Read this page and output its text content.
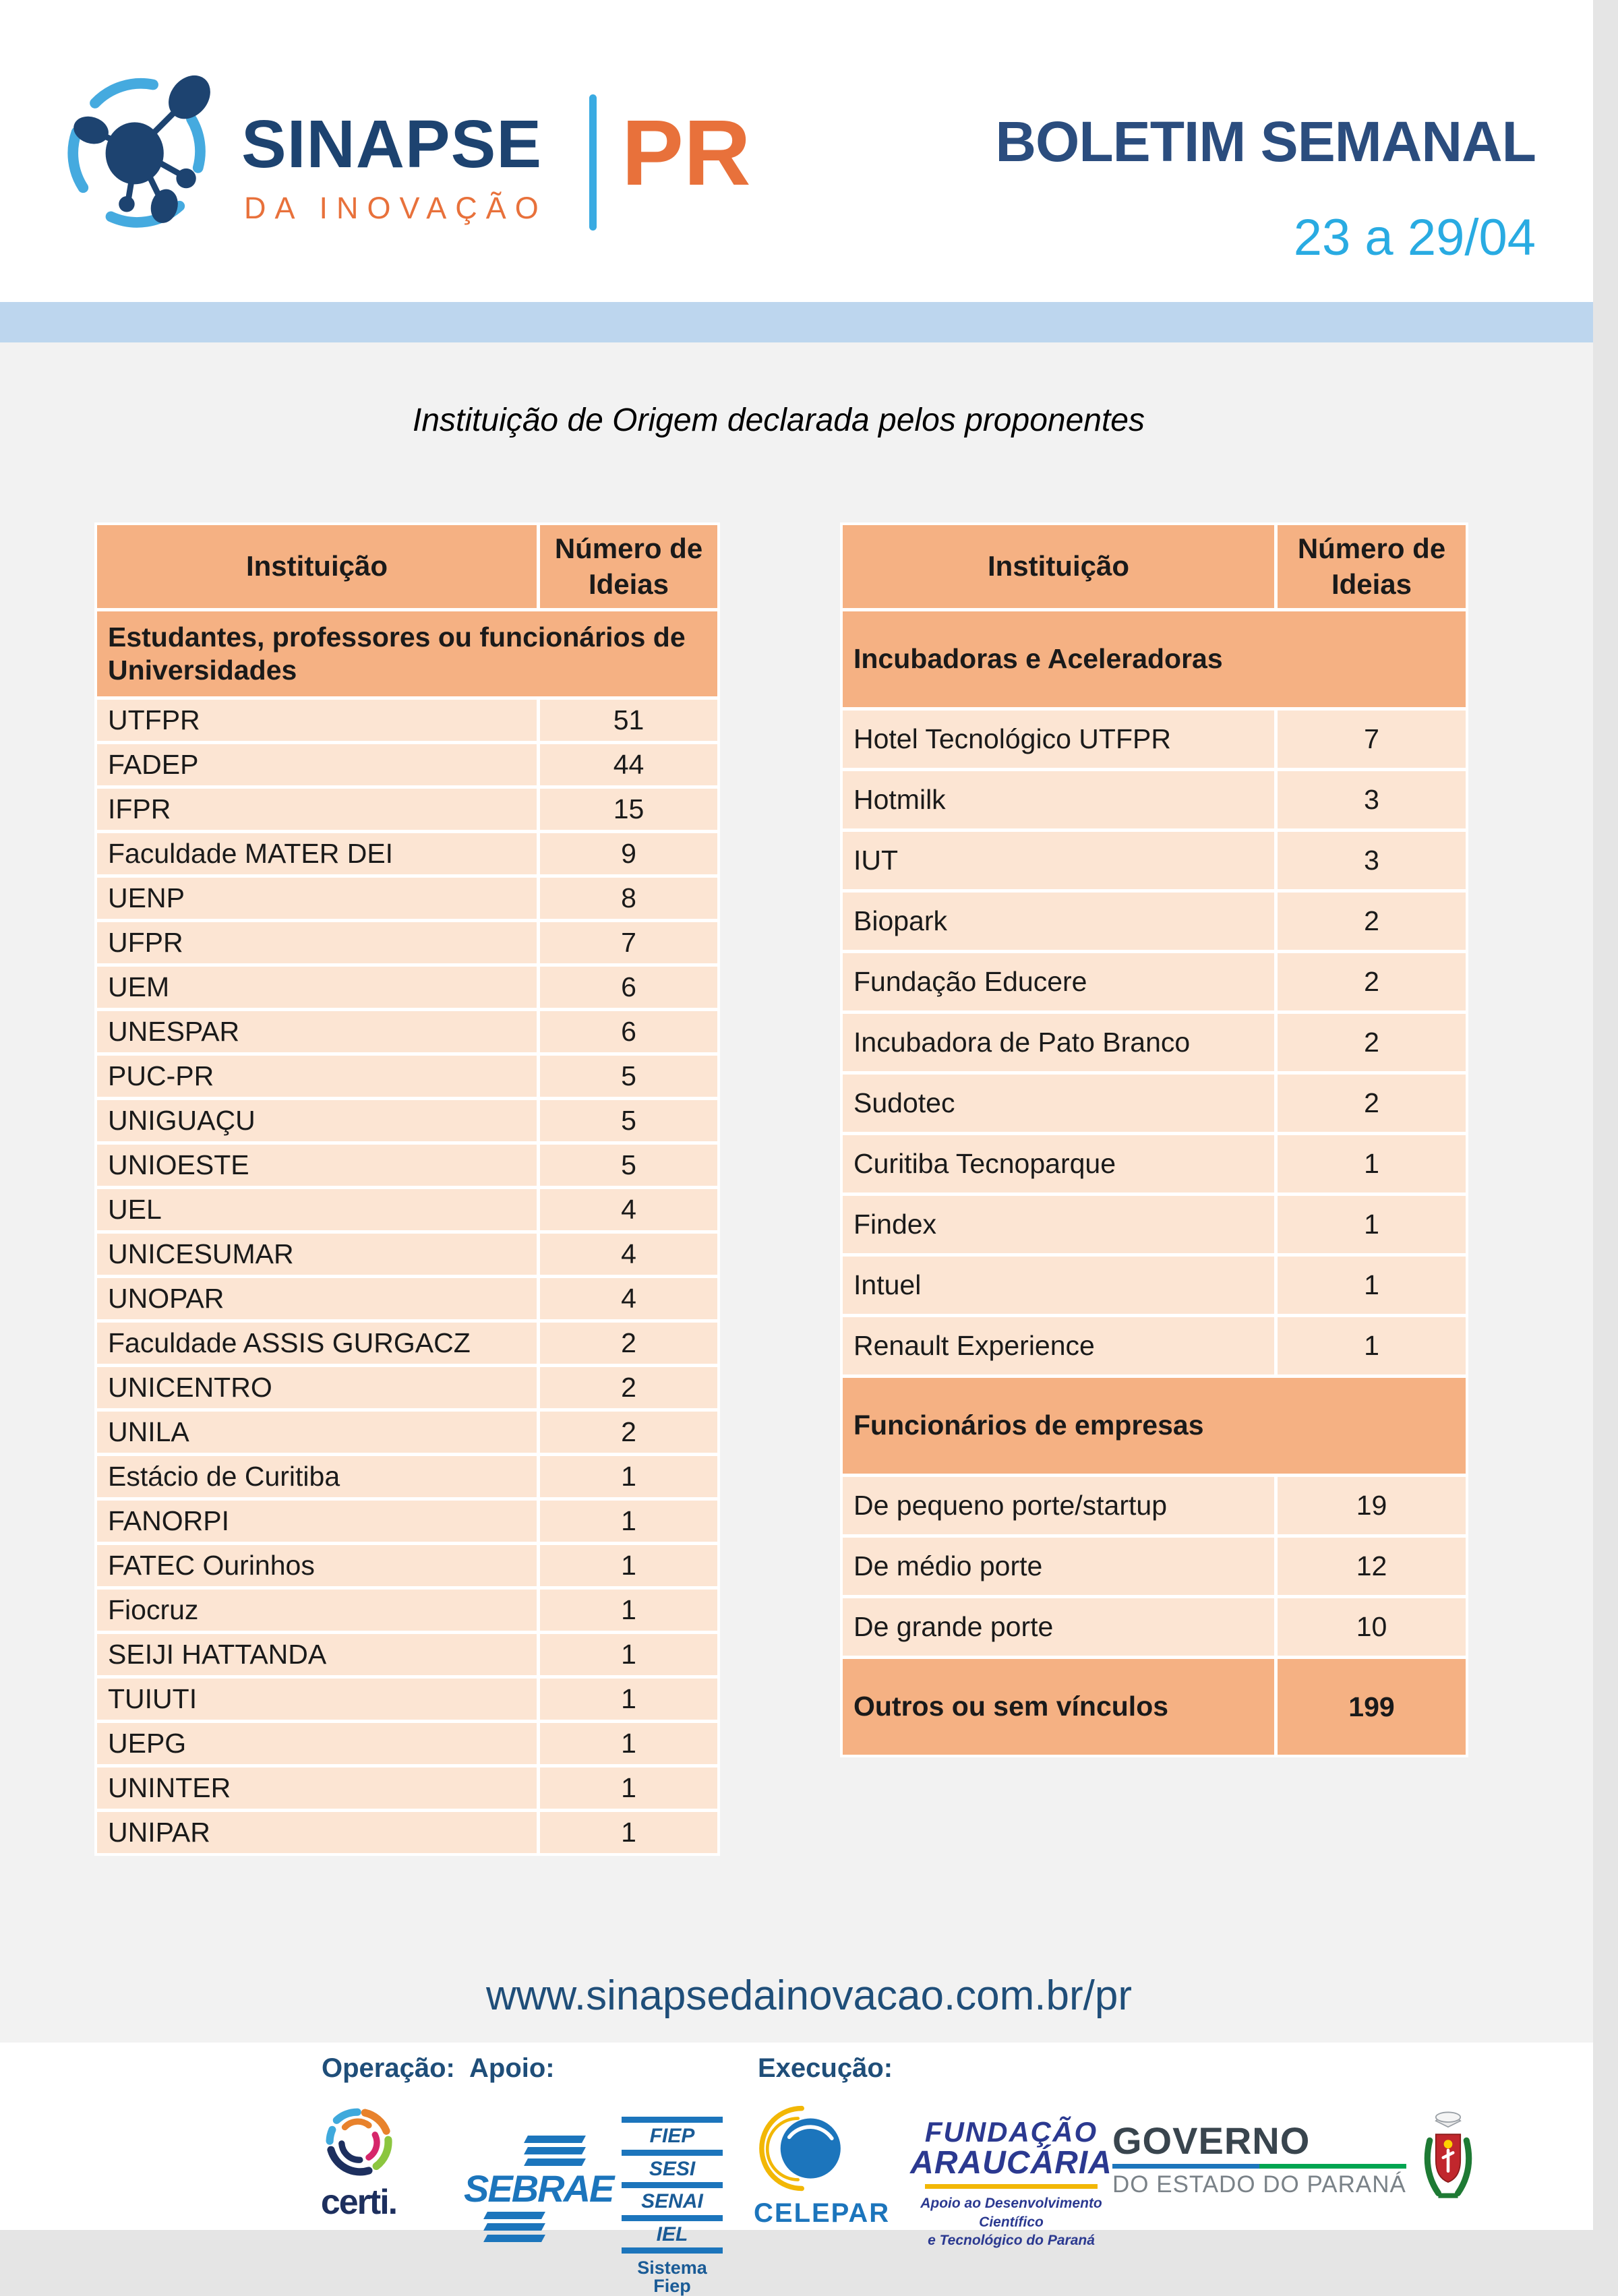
SINAPSE
DA INOVAÇÃO
PR	BOLETIM SEMANAL
23 a 29/04
Instituição de Origem declarada pelos proponentes
Instituição
Número de Ideias
Estudantes, professores ou funcionários de Universidades
UTFPR	51
FADEP	44
IFPR	15
Faculdade MATER DEI	9
UENP	8
UFPR	7
UEM	6
UNESPAR	6
PUC-PR	5
UNIGUAÇU	5
UNIOESTE	5
UEL	4
UNICESUMAR	4
UNOPAR	4
Faculdade ASSIS GURGACZ	2
UNICENTRO	2
UNILA	2
Estácio de Curitiba	1
FANORPI	1
FATEC Ourinhos	1
Fiocruz	1
SEIJI HATTANDA	1
TUIUTI	1
UEPG	1
UNINTER	1
UNIPAR	1
Instituição
Número de Ideias
Incubadoras e Aceleradoras
Hotel Tecnológico UTFPR	7
Hotmilk	3
IUT	3
Biopark	2
Fundação Educere	2
Incubadora de Pato Branco	2
Sudotec	2
Curitiba Tecnoparque	1
Findex	1
Intuel	1
Renault Experience	1
Funcionários de empresas
De pequeno porte/startup	19
De médio porte	12
De grande porte	10
Outros ou sem vínculos	199
www.sinapsedainovacao.com.br/pr
Operação: Apoio:	Execução:
certi. SEBRAE
FIEP
SESI
SENAI
IEL
Sistema Fiep
CELEPAR
FUNDAÇÃO
ARAUCÁRIA
Apoio ao Desenvolvimento Científico
e Tecnológico do Paraná
GOVERNO
DO ESTADO DO PARANÁ
